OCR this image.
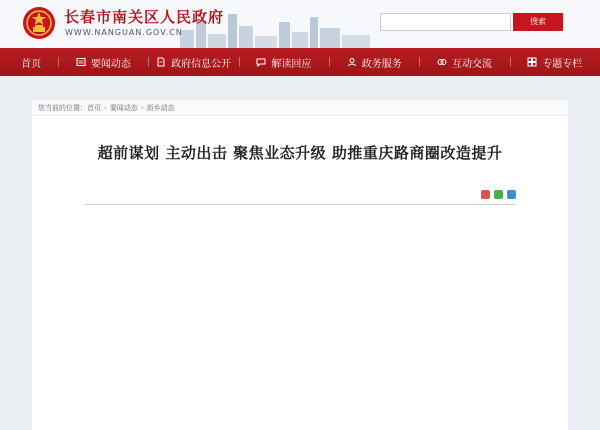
长春市南关区人民政府
WWW.NANGUAN.GOV.CN
搜索
首页	要闻动态	政府信息公开	解读回应	政务服务	互动交流	专题专栏
您当前的位置： 首页 › 要闻动态 › 街乡动态
超前谋划 主动出击 聚焦业态升级 助推重庆路商圈改造提升
